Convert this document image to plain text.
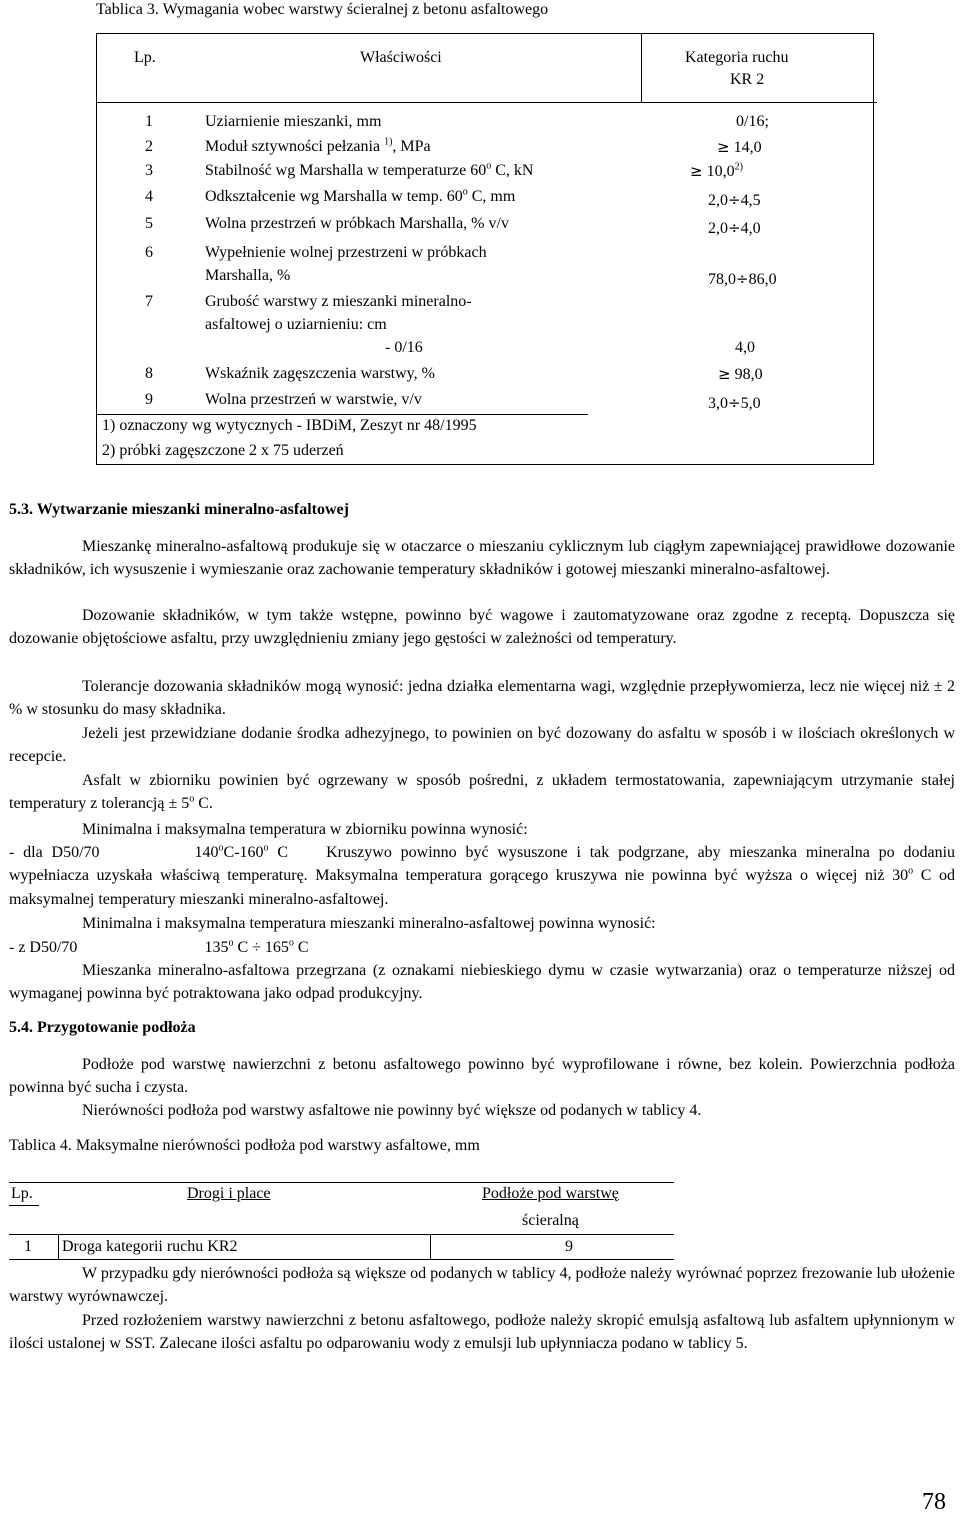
Tablica 3. Wymagania wobec warstwy ścieralnej z betonu asfaltowego
Lp.	Właściwości	Kategoria ruchu
KR 2
1	Uziarnienie mieszanki, mm	0/16;
2	Moduł sztywności pełzania $^{1)}$, MPa	≥ 14,0
3	Stabilność wg Marshalla w temperaturze 60$^o$ C, kN	≥ $10,0^{2)}$
4	Odkształcenie wg Marshalla w temp. 60$^o$ C, mm	2,0÷4,5
5	Wolna przestrzeń w próbkach Marshalla, % v/v	2,0÷4,0
6	Wypełnienie wolnej przestrzeni w próbkach
Marshalla, %	78,0÷86,0
7	Grubość warstwy z mieszanki mineralno-
asfaltowej o uziarnieniu: cm
- 0/16	4,0
8	Wskaźnik zagęszczenia warstwy, %	≥ 98,0
9	Wolna przestrzeń w warstwie, v/v	3,0÷5,0
1) oznaczony wg wytycznych - IBDiM, Zeszyt nr 48/1995
2) próbki zagęszczone 2 x 75 uderzeń
5.3. Wytwarzanie mieszanki mineralno-asfaltowej
Mieszankę mineralno-asfaltową produkuje się w otaczarce o mieszaniu cyklicznym lub ciągłym zapewniającej prawidłowe dozowanie składników, ich wysuszenie i wymieszanie oraz zachowanie temperatury składników i gotowej mieszanki mineralno-asfaltowej.
Dozowanie składników, w tym także wstępne, powinno być wagowe i zautomatyzowane oraz zgodne z receptą. Dopuszcza się dozowanie objętościowe asfaltu, przy uwzględnieniu zmiany jego gęstości w zależności od temperatury.
Tolerancje dozowania składników mogą wynosić: jedna działka elementarna wagi, względnie przepływomierza, lecz nie więcej niż ± 2 % w stosunku do masy składnika.
Jeżeli jest przewidziane dodanie środka adhezyjnego, to powinien on być dozowany do asfaltu w sposób i w ilościach określonych w recepcie.
Asfalt w zbiorniku powinien być ogrzewany w sposób pośredni, z układem termostatowania, zapewniającym utrzymanie stałej temperatury z tolerancją ± $5^o$ C.
Minimalna i maksymalna temperatura w zbiorniku powinna wynosić:
- dla D50/70	140$^o$C-160$^o$ C Kruszywo powinno być wysuszone i tak podgrzane, aby mieszanka mineralna po dodaniu wypełniacza uzyskała właściwą temperaturę. Maksymalna temperatura gorącego kruszywa nie powinna być wyższa o więcej niż 30$^o$ C od maksymalnej temperatury mieszanki mineralno-asfaltowej.
Minimalna i maksymalna temperatura mieszanki mineralno-asfaltowej powinna wynosić:
- z D50/70	135$^o$ $C \div 165^o$ C
Mieszanka mineralno-asfaltowa przegrzana (z oznakami niebieskiego dymu w czasie wytwarzania) oraz o temperaturze niższej od wymaganej powinna być potraktowana jako odpad produkcyjny.
5.4. Przygotowanie podłoża
Podłoże pod warstwę nawierzchni z betonu asfaltowego powinno być wyprofilowane i równe, bez kolein. Powierzchnia podłoża powinna być sucha i czysta.
Nierówności podłoża pod warstwy asfaltowe nie powinny być większe od podanych w tablicy 4.
Tablica 4. Maksymalne nierówności podłoża pod warstwy asfaltowe, mm
Lp.	Drogi i place	Podłoże pod warstwę
ścieralną
1 Droga kategorii ruchu KR2	9
W przypadku gdy nierówności podłoża są większe od podanych w tablicy 4, podłoże należy wyrównać poprzez frezowanie lub ułożenie warstwy wyrównawczej.
Przed rozłożeniem warstwy nawierzchni z betonu asfaltowego, podłoże należy skropić emulsją asfaltową lub asfaltem upłynnionym w ilości ustalonej w SST. Zalecane ilości asfaltu po odparowaniu wody z emulsji lub upłynniacza podano w tablicy 5.
78
